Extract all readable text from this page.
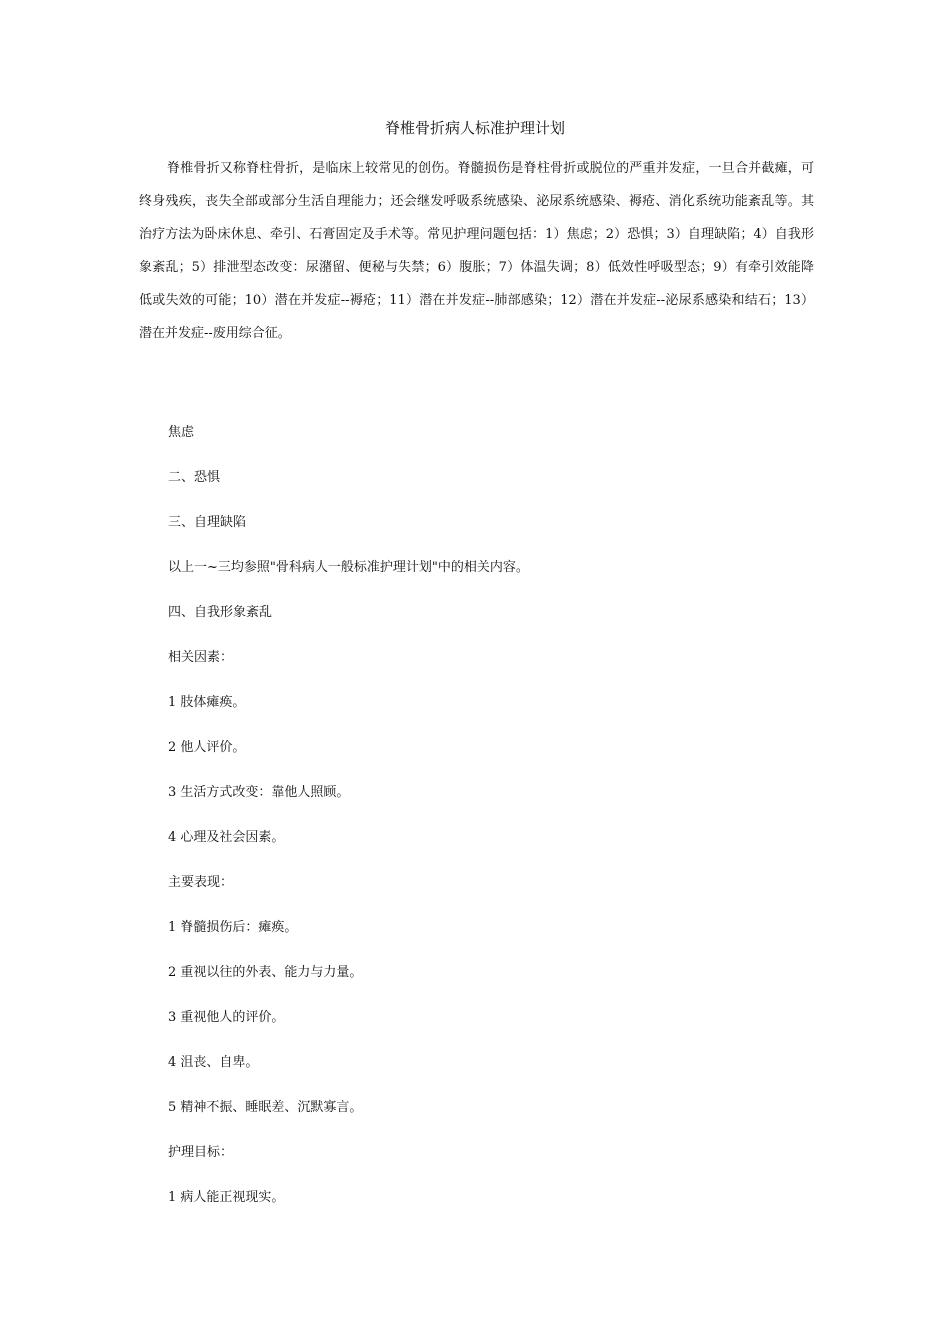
脊椎骨折病人标准护理计划

脊椎骨折又称脊柱骨折，是临床上较常见的创伤。脊髓损伤是脊柱骨折或脱位的严重并发症，一旦合并截瘫，可终身残疾，丧失全部或部分生活自理能力；还会继发呼吸系统感染、泌尿系统感染、褥疮、消化系统功能紊乱等。其治疗方法为卧床休息、牵引、石膏固定及手术等。常见护理问题包括：1）焦虑；2）恐惧；3）自理缺陷；4）自我形象紊乱；5）排泄型态改变：尿潴留、便秘与失禁；6）腹胀；7）体温失调；8）低效性呼吸型态；9）有牵引效能降低或失效的可能；10）潜在并发症--褥疮；11）潜在并发症--肺部感染；12）潜在并发症--泌尿系感染和结石；13）潜在并发症--废用综合征。

焦虑
二、恐惧
三、自理缺陷
以上一~三均参照"骨科病人一般标准护理计划"中的相关内容。
四、自我形象紊乱
相关因素：
1 肢体瘫痪。
2 他人评价。
3 生活方式改变：靠他人照顾。
4 心理及社会因素。
主要表现：
1 脊髓损伤后：瘫痪。
2 重视以往的外表、能力与力量。
3 重视他人的评价。
4 沮丧、自卑。
5 精神不振、睡眠差、沉默寡言。
护理目标：
1 病人能正视现实。
